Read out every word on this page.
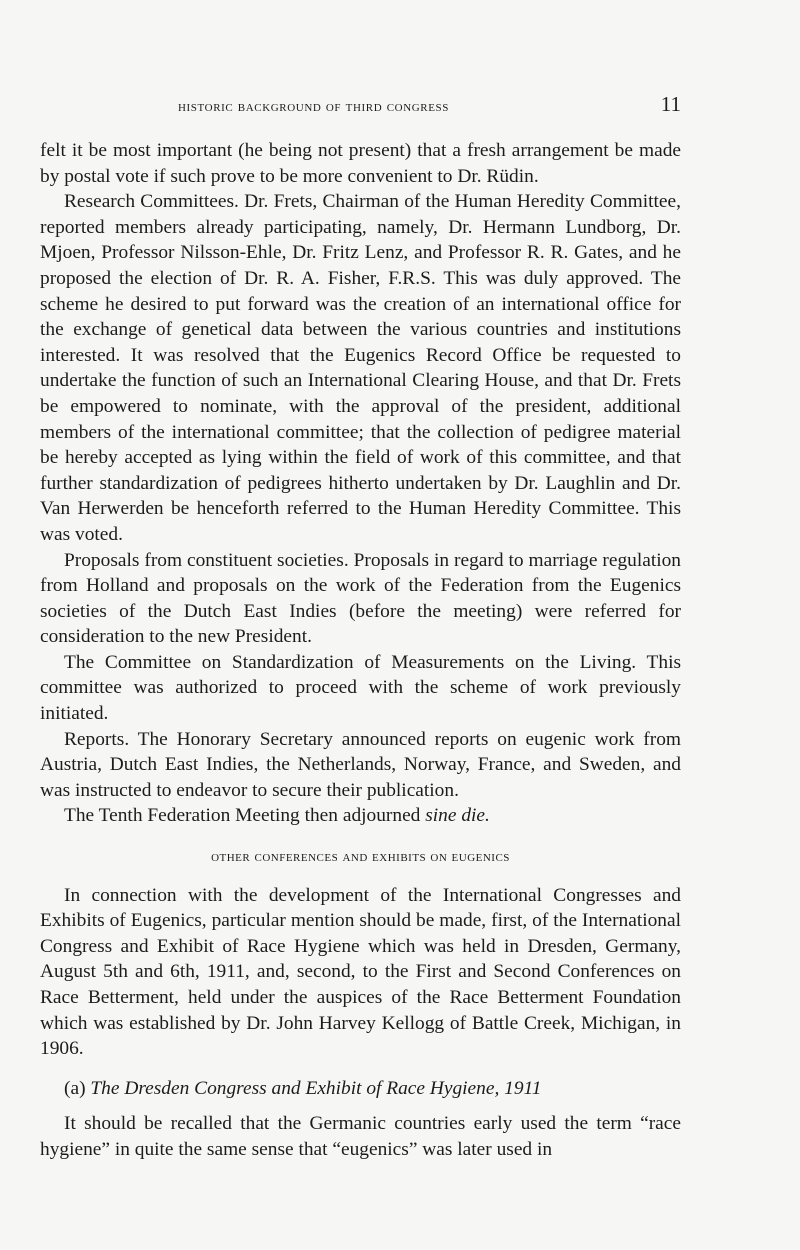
historic background of third congress	11

felt it be most important (he being not present) that a fresh arrangement be made by postal vote if such prove to be more convenient to Dr. Rüdin.

Research Committees. Dr. Frets, Chairman of the Human Heredity Committee, reported members already participating, namely, Dr. Hermann Lundborg, Dr. Mjoen, Professor Nilsson-Ehle, Dr. Fritz Lenz, and Professor R. R. Gates, and he proposed the election of Dr. R. A. Fisher, F.R.S. This was duly approved. The scheme he desired to put forward was the creation of an international office for the exchange of genetical data between the various countries and institutions interested. It was resolved that the Eugenics Record Office be requested to undertake the function of such an International Clearing House, and that Dr. Frets be empowered to nominate, with the approval of the president, additional members of the international committee; that the collection of pedigree material be hereby accepted as lying within the field of work of this committee, and that further standardization of pedigrees hitherto undertaken by Dr. Laughlin and Dr. Van Herwerden be henceforth referred to the Human Heredity Committee. This was voted.

Proposals from constituent societies. Proposals in regard to marriage regulation from Holland and proposals on the work of the Federation from the Eugenics societies of the Dutch East Indies (before the meeting) were referred for consideration to the new President.

The Committee on Standardization of Measurements on the Living. This committee was authorized to proceed with the scheme of work previously initiated.

Reports. The Honorary Secretary announced reports on eugenic work from Austria, Dutch East Indies, the Netherlands, Norway, France, and Sweden, and was instructed to endeavor to secure their publication.

The Tenth Federation Meeting then adjourned sine die.

other conferences and exhibits on eugenics

In connection with the development of the International Congresses and Exhibits of Eugenics, particular mention should be made, first, of the International Congress and Exhibit of Race Hygiene which was held in Dresden, Germany, August 5th and 6th, 1911, and, second, to the First and Second Conferences on Race Betterment, held under the auspices of the Race Betterment Foundation which was established by Dr. John Harvey Kellogg of Battle Creek, Michigan, in 1906.

(a) The Dresden Congress and Exhibit of Race Hygiene, 1911

It should be recalled that the Germanic countries early used the term “race hygiene” in quite the same sense that “eugenics” was later used in
